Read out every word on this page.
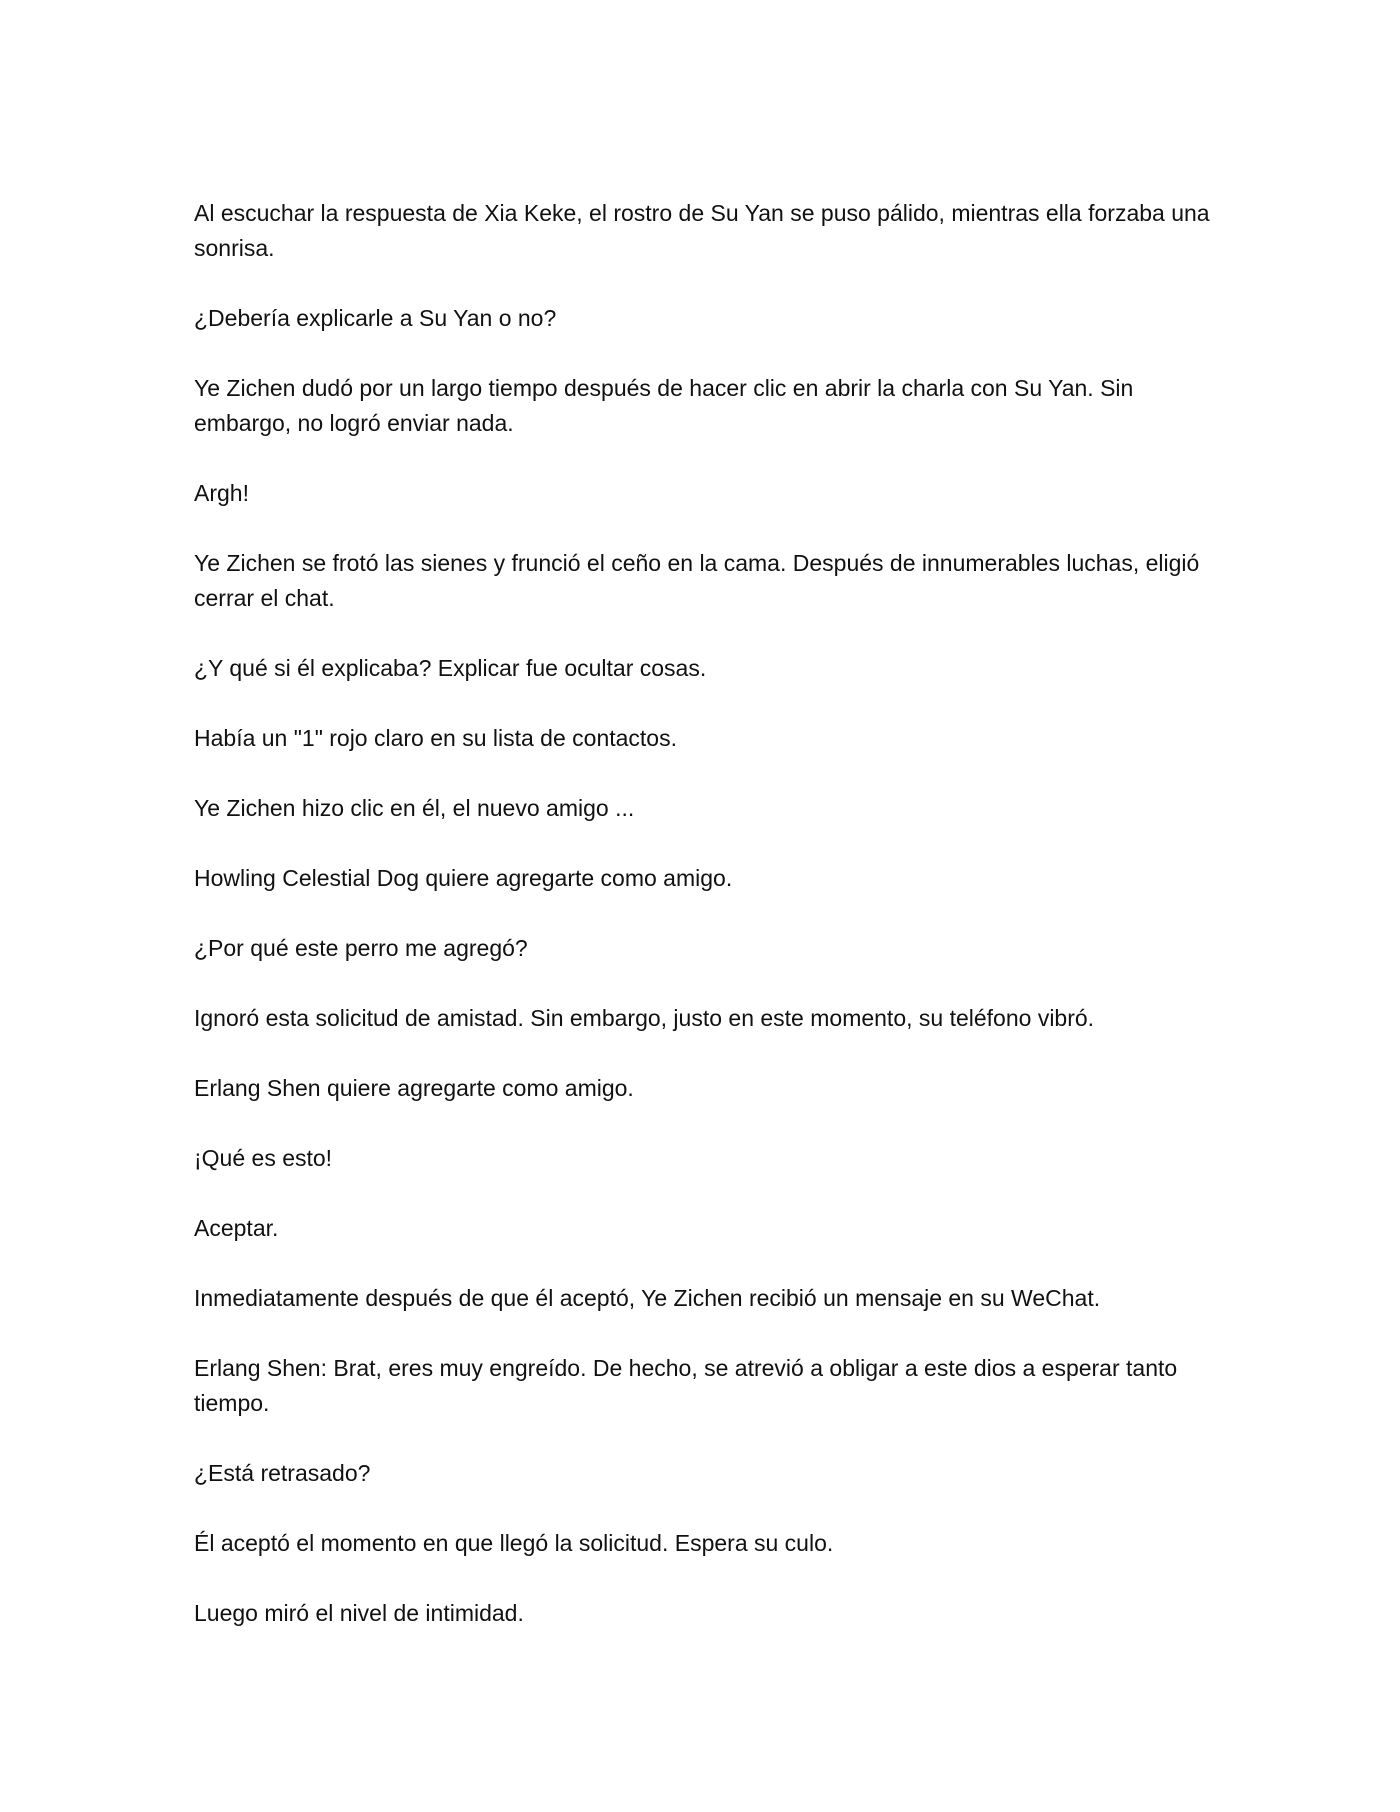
Al escuchar la respuesta de Xia Keke, el rostro de Su Yan se puso pálido, mientras ella forzaba una sonrisa.

¿Debería explicarle a Su Yan o no?

Ye Zichen dudó por un largo tiempo después de hacer clic en abrir la charla con Su Yan. Sin embargo, no logró enviar nada.

Argh!

Ye Zichen se frotó las sienes y frunció el ceño en la cama. Después de innumerables luchas, eligió cerrar el chat.

¿Y qué si él explicaba? Explicar fue ocultar cosas.

Había un "1" rojo claro en su lista de contactos.

Ye Zichen hizo clic en él, el nuevo amigo ...

Howling Celestial Dog quiere agregarte como amigo.

¿Por qué este perro me agregó?

Ignoró esta solicitud de amistad. Sin embargo, justo en este momento, su teléfono vibró.

Erlang Shen quiere agregarte como amigo.

¡Qué es esto!

Aceptar.

Inmediatamente después de que él aceptó, Ye Zichen recibió un mensaje en su WeChat.

Erlang Shen: Brat, eres muy engreído. De hecho, se atrevió a obligar a este dios a esperar tanto tiempo.

¿Está retrasado?

Él aceptó el momento en que llegó la solicitud. Espera su culo.

Luego miró el nivel de intimidad.
